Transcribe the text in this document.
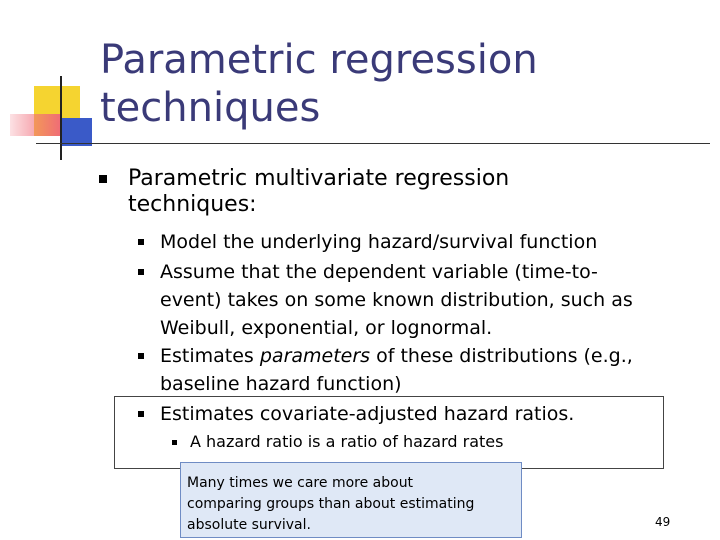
Parametric regression
techniques
Parametric multivariate regression
techniques:
Model the underlying hazard/survival function
Assume that the dependent variable (time-to-
event) takes on some known distribution, such as
Weibull, exponential, or lognormal.
Estimates parameters of these distributions (e.g.,
baseline hazard function)
Estimates covariate-adjusted hazard ratios.
A hazard ratio is a ratio of hazard rates
Many times we care more about
comparing groups than about estimating
absolute survival.	49
